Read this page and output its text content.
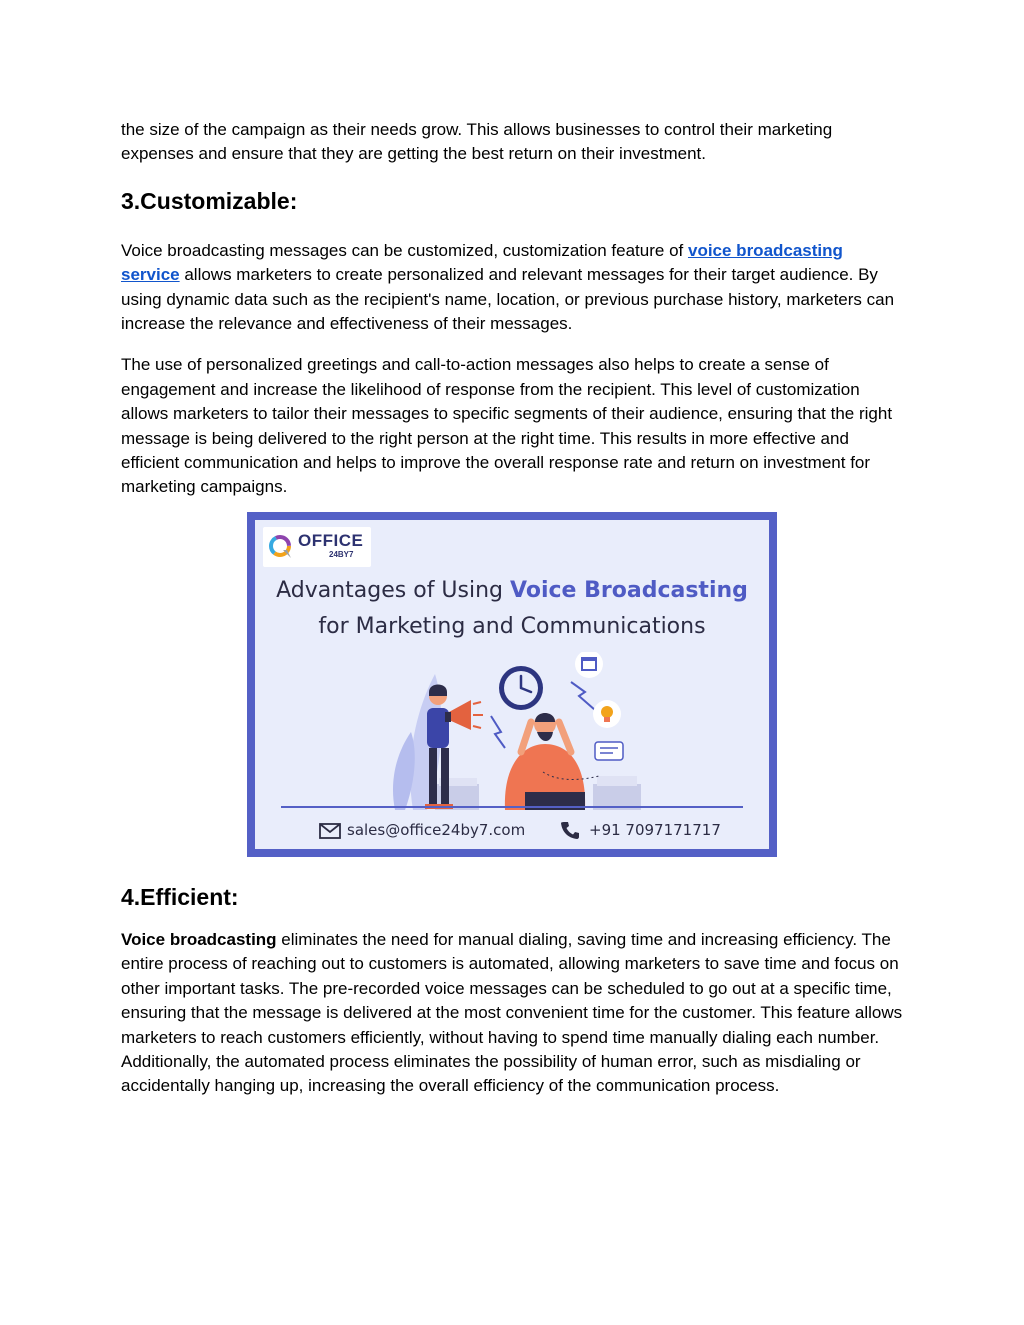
the size of the campaign as their needs grow. This allows businesses to control their marketing expenses and ensure that they are getting the best return on their investment.

3.Customizable:

Voice broadcasting messages can be customized, customization feature of voice broadcasting service allows marketers to create personalized and relevant messages for their target audience. By using dynamic data such as the recipient's name, location, or previous purchase history, marketers can increase the relevance and effectiveness of their messages.

The use of personalized greetings and call-to-action messages also helps to create a sense of engagement and increase the likelihood of response from the recipient. This level of customization allows marketers to tailor their messages to specific segments of their audience, ensuring that the right message is being delivered to the right person at the right time. This results in more effective and efficient communication and helps to improve the overall response rate and return on investment for marketing campaigns.

OFFICE
24BY7
Advantages of Using Voice Broadcasting
for Marketing and Communications
sales@office24by7.com	+91 7097171717
4.Efficient:

Voice broadcasting eliminates the need for manual dialing, saving time and increasing efficiency. The entire process of reaching out to customers is automated, allowing marketers to save time and focus on other important tasks. The pre-recorded voice messages can be scheduled to go out at a specific time, ensuring that the message is delivered at the most convenient time for the customer. This feature allows marketers to reach customers efficiently, without having to spend time manually dialing each number. Additionally, the automated process eliminates the possibility of human error, such as misdialing or accidentally hanging up, increasing the overall efficiency of the communication process.
